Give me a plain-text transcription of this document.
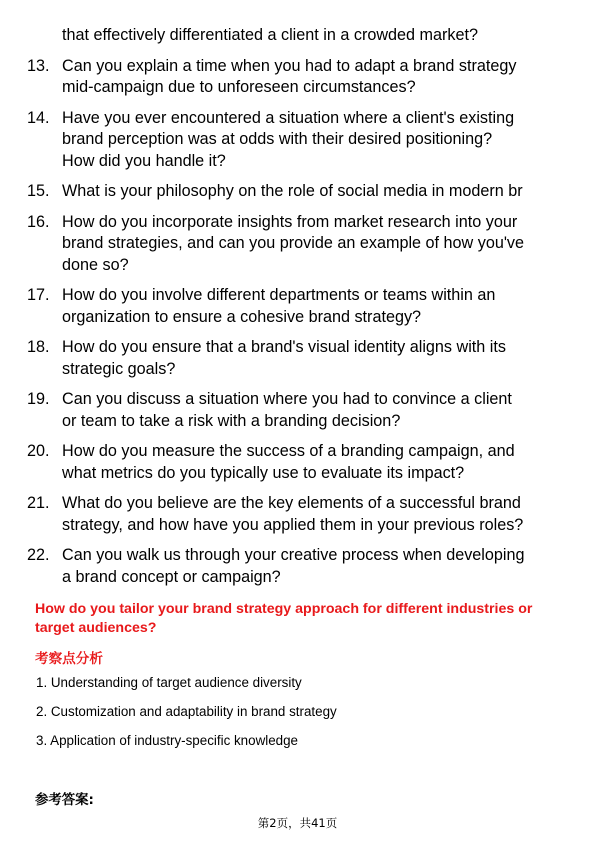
that effectively differentiated a client in a crowded market?
13. Can you explain a time when you had to adapt a brand strategy
mid-campaign due to unforeseen circumstances?
14. Have you ever encountered a situation where a client's existing
brand perception was at odds with their desired positioning?
How did you handle it?
15. What is your philosophy on the role of social media in modern br
16. How do you incorporate insights from market research into your
brand strategies, and can you provide an example of how you've
done so?
17. How do you involve different departments or teams within an
organization to ensure a cohesive brand strategy?
18. How do you ensure that a brand's visual identity aligns with its
strategic goals?
19. Can you discuss a situation where you had to convince a client
or team to take a risk with a branding decision?
20. How do you measure the success of a branding campaign, and
what metrics do you typically use to evaluate its impact?
21. What do you believe are the key elements of a successful brand
strategy, and how have you applied them in your previous roles?
22. Can you walk us through your creative process when developing
a brand concept or campaign?
How do you tailor your brand strategy approach for different industries or
target audiences?
考察点分析
1. Understanding of target audience diversity
2. Customization and adaptability in brand strategy
3. Application of industry-specific knowledge
参考答案:
第2页，共41页
